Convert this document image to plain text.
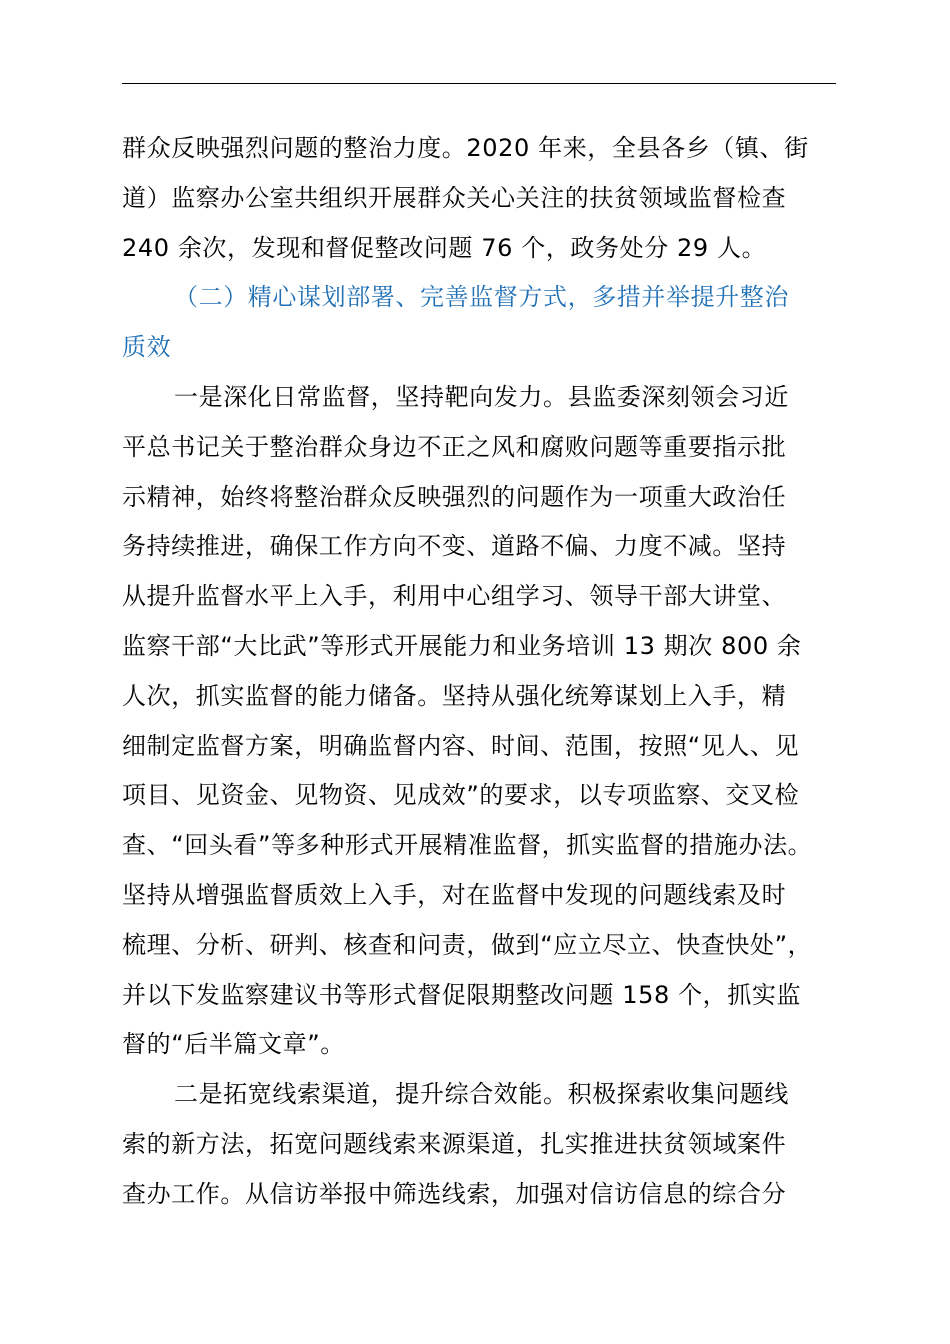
群众反映强烈问题的整治力度。2020 年来，全县各乡（镇、街
道）监察办公室共组织开展群众关心关注的扶贫领域监督检查
240 余次，发现和督促整改问题 76 个，政务处分 29 人。
（二）精心谋划部署、完善监督方式，多措并举提升整治
质效
一是深化日常监督，坚持靶向发力。县监委深刻领会习近
平总书记关于整治群众身边不正之风和腐败问题等重要指示批
示精神，始终将整治群众反映强烈的问题作为一项重大政治任
务持续推进，确保工作方向不变、道路不偏、力度不减。坚持
从提升监督水平上入手，利用中心组学习、领导干部大讲堂、
监察干部“大比武”等形式开展能力和业务培训 13 期次 800 余
人次，抓实监督的能力储备。坚持从强化统筹谋划上入手，精
细制定监督方案，明确监督内容、时间、范围，按照“见人、见
项目、见资金、见物资、见成效”的要求，以专项监察、交叉检
查、“回头看”等多种形式开展精准监督，抓实监督的措施办法。
坚持从增强监督质效上入手，对在监督中发现的问题线索及时
梳理、分析、研判、核查和问责，做到“应立尽立、快查快处”，
并以下发监察建议书等形式督促限期整改问题 158 个，抓实监
督的“后半篇文章”。
二是拓宽线索渠道，提升综合效能。积极探索收集问题线
索的新方法，拓宽问题线索来源渠道，扎实推进扶贫领域案件
查办工作。从信访举报中筛选线索，加强对信访信息的综合分
